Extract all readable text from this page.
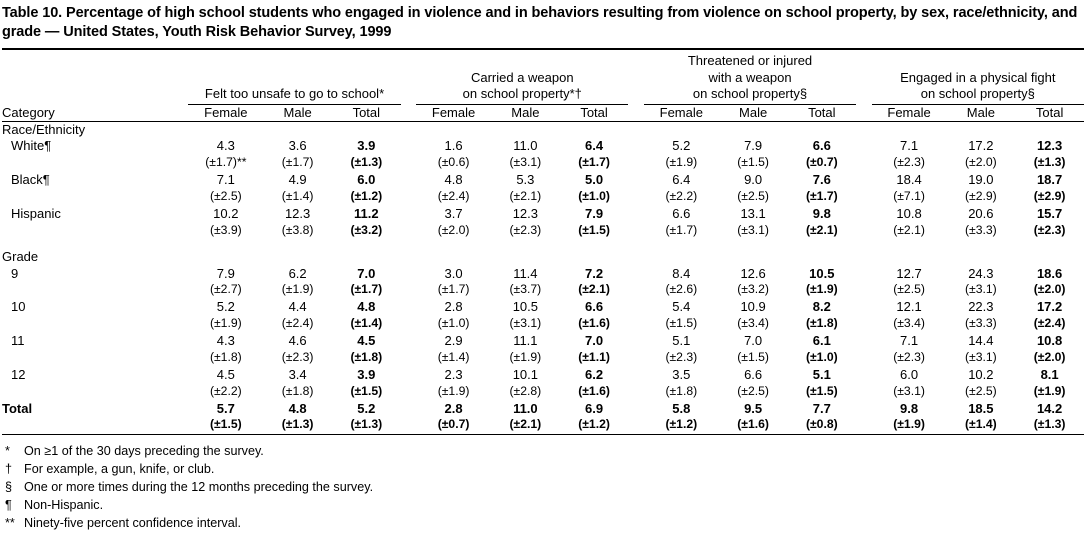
Table 10. Percentage of high school students who engaged in violence and in behaviors resulting from violence on school property, by sex, race/ethnicity, and grade — United States, Youth Risk Behavior Survey, 1999

	Felt too unsafe to go to school*		
Carried a weapon
on school property*†

Threatened or injured
with a weapon
on school property§

Engaged in a physical fight
on school property§

Category	Female	Male	Total		Female	Male	Total		Female	Male	Total		Female	Male	Total

Race/Ethnicity															
White¶	4.3	3.6	3.9		1.6	11.0	6.4		5.2	7.9	6.6		7.1	17.2	12.3
	(±1.7)**	(±1.7)	(±1.3)		(±0.6)	(±3.1)	(±1.7)		(±1.9)	(±1.5)	(±0.7)		(±2.3)	(±2.0)	(±1.3)
Black¶	7.1	4.9	6.0		4.8	5.3	5.0		6.4	9.0	7.6		18.4	19.0	18.7
	(±2.5)	(±1.4)	(±1.2)		(±2.4)	(±2.1)	(±1.0)		(±2.2)	(±2.5)	(±1.7)		(±7.1)	(±2.9)	(±2.9)
Hispanic	10.2	12.3	11.2		3.7	12.3	7.9		6.6	13.1	9.8		10.8	20.6	15.7
	(±3.9)	(±3.8)	(±3.2)		(±2.0)	(±2.3)	(±1.5)		(±1.7)	(±3.1)	(±2.1)		(±2.1)	(±3.3)	(±2.3)

Grade															
9	7.9	6.2	7.0		3.0	11.4	7.2		8.4	12.6	10.5		12.7	24.3	18.6
	(±2.7)	(±1.9)	(±1.7)		(±1.7)	(±3.7)	(±2.1)		(±2.6)	(±3.2)	(±1.9)		(±2.5)	(±3.1)	(±2.0)
10	5.2	4.4	4.8		2.8	10.5	6.6		5.4	10.9	8.2		12.1	22.3	17.2
	(±1.9)	(±2.4)	(±1.4)		(±1.0)	(±3.1)	(±1.6)		(±1.5)	(±3.4)	(±1.8)		(±3.4)	(±3.3)	(±2.4)
11	4.3	4.6	4.5		2.9	11.1	7.0		5.1	7.0	6.1		7.1	14.4	10.8
	(±1.8)	(±2.3)	(±1.8)		(±1.4)	(±1.9)	(±1.1)		(±2.3)	(±1.5)	(±1.0)		(±2.3)	(±3.1)	(±2.0)
12	4.5	3.4	3.9		2.3	10.1	6.2		3.5	6.6	5.1		6.0	10.2	8.1
	(±2.2)	(±1.8)	(±1.5)		(±1.9)	(±2.8)	(±1.6)		(±1.8)	(±2.5)	(±1.5)		(±3.1)	(±2.5)	(±1.9)
Total	5.7	4.8	5.2		2.8	11.0	6.9		5.8	9.5	7.7		9.8	18.5	14.2
	(±1.5)	(±1.3)	(±1.3)		(±0.7)	(±2.1)	(±1.2)		(±1.2)	(±1.6)	(±0.8)		(±1.9)	(±1.4)	(±1.3)

*	On ≥1 of the 30 days preceding the survey.
† For example, a gun, knife, or club.
§ One or more times during the 12 months preceding the survey.
¶ Non-Hispanic.
** Ninety-five percent confidence interval.
